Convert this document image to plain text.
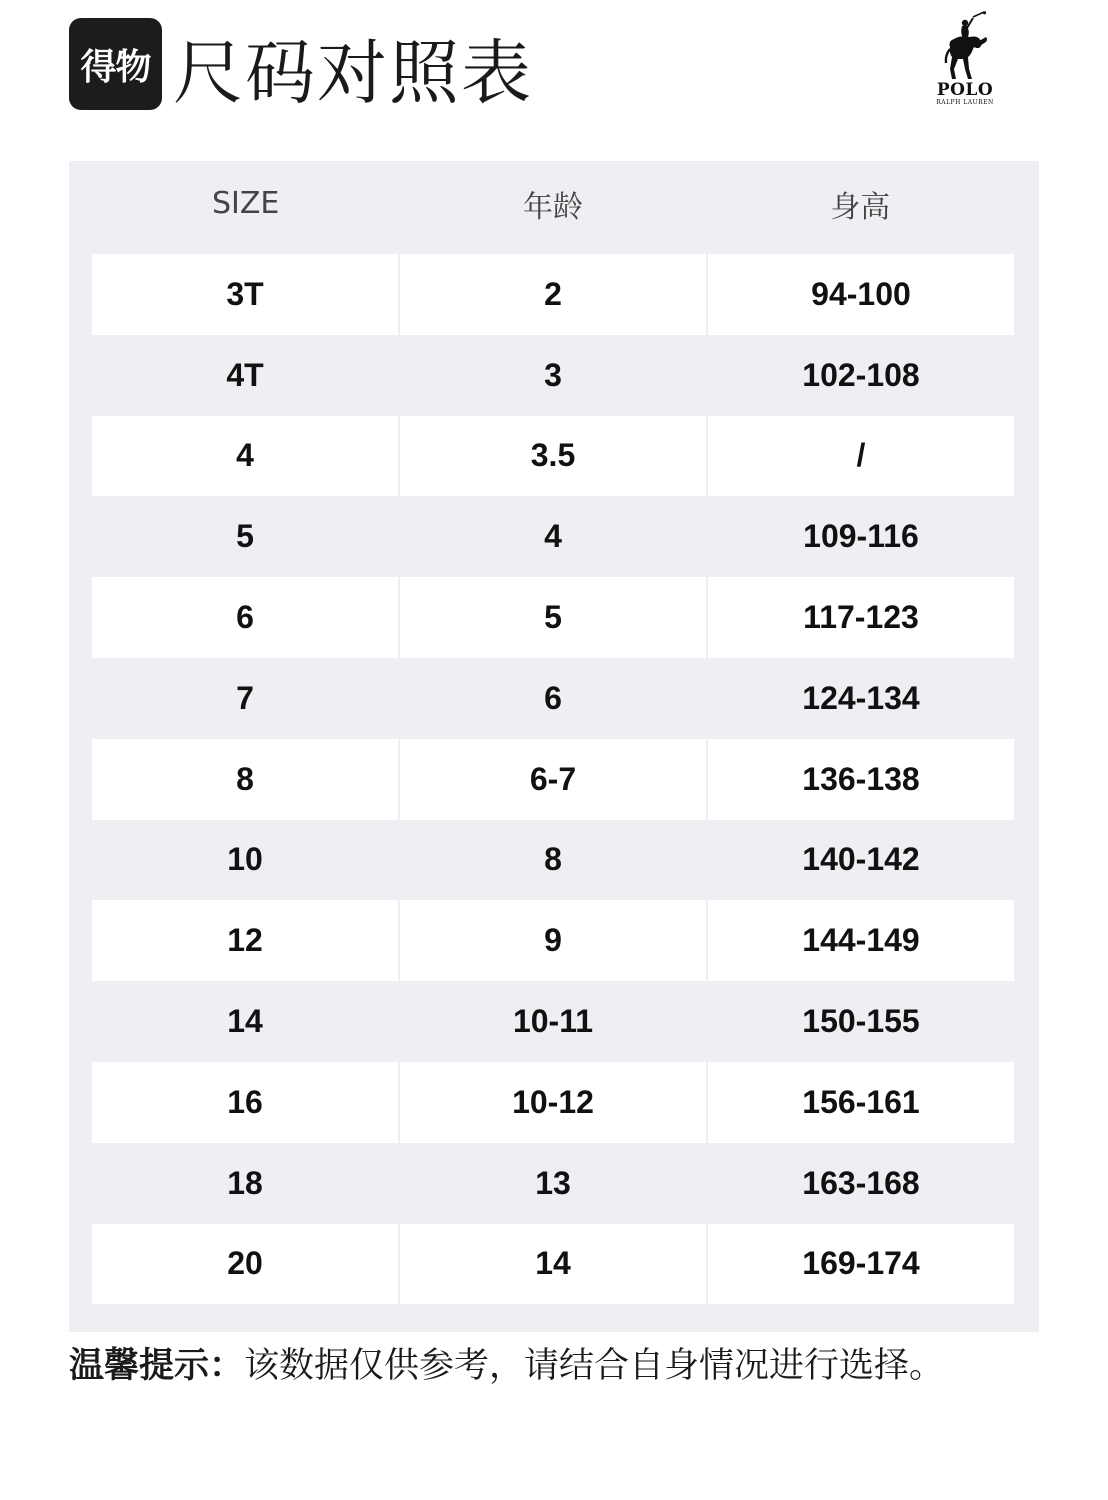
得物 尺码对照表	POLO
RALPH LAUREN
SIZE	年龄	身高
3T	2	94-100
4T	3	102-108
4	3.5	/
5	4	109-116
6	5	117-123
7	6	124-134
8	6-7	136-138
10	8	140-142
12	9	144-149
14	10-11	150-155
16	10-12	156-161
18	13	163-168
20	14	169-174
温馨提示：该数据仅供参考，请结合自身情况进行选择。
